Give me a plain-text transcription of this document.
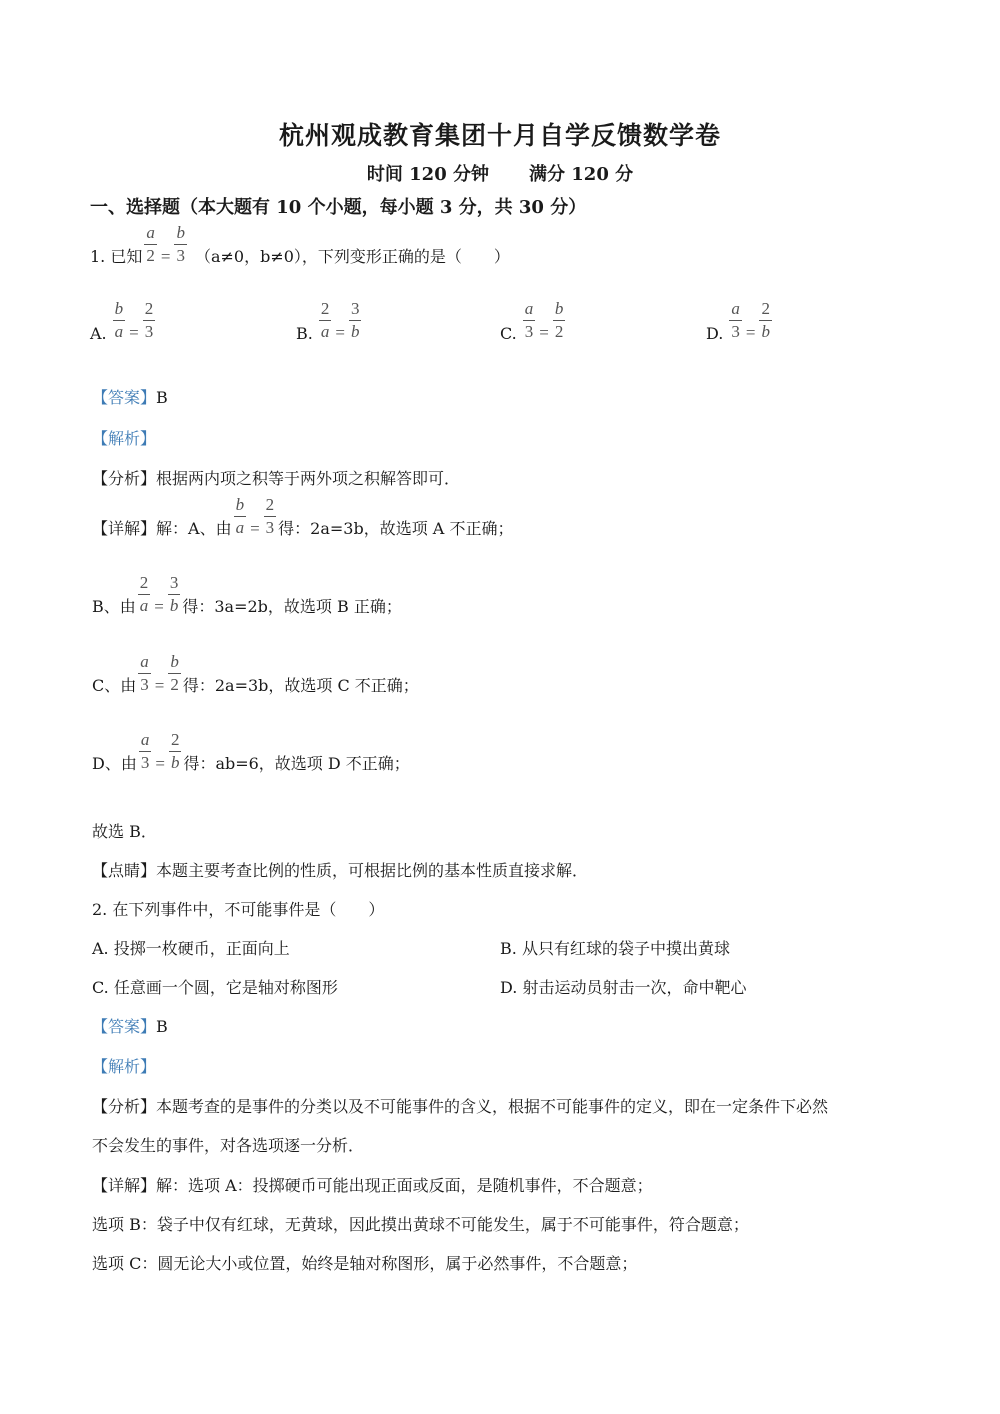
杭州观成教育集团十月自学反馈数学卷
时间 120 分钟 满分 120 分
一、选择题（本大题有 10 个小题，每小题 3 分，共 30 分）
1. 已知 $\frac{a}{2} = \frac{b}{3} (a\ne 0$，b≠0），下列变形正确的是（　　）
A. $\frac{b}{a} = \frac{2}{3}$	B. $\frac{2}{a} = \frac{3}{b}$	C. $\frac{a}{3} = \frac{b}{2}$	D. $\frac{a}{3} = \frac{2}{b}$
【答案】B
【解析】
【分析】根据两内项之积等于两外项之积解答即可．
【详解】 解：A、由 $\frac{b}{a} = \frac{2}{3}$ 得：2a=3b，故选项 A 不正确；
B、由 $\frac{2}{a} = \frac{3}{b}$ 得：3a=2b，故选项 B 正确；
C、由 $\frac{a}{3} = \frac{b}{2}$ 得：2a=3b，故选项 C 不正确；
D、由 $\frac{a}{3} = \frac{2}{b}$ 得：ab=6，故选项 D 不正确；
故选 B．
【点睛】本题主要考查比例的性质，可根据比例的基本性质直接求解．
2. 在下列事件中，不可能事件是（　　）
A. 投掷一枚硬币，正面向上	B. 从只有红球的袋子中摸出黄球
C. 任意画一个圆，它是轴对称图形	D. 射击运动员射击一次，命中靶心
【答案】B
【解析】
【分析】本题考查的是事件的分类以及不可能事件的含义，根据不可能事件的定义，即在一定条件下必然
不会发生的事件，对各选项逐一分析．
【详解】解：选项 A：投掷硬币可能出现正面或反面，是随机事件，不合题意；
选项 B：袋子中仅有红球，无黄球，因此摸出黄球不可能发生，属于不可能事件，符合题意；
选项 C：圆无论大小或位置，始终是轴对称图形，属于必然事件，不合题意；
